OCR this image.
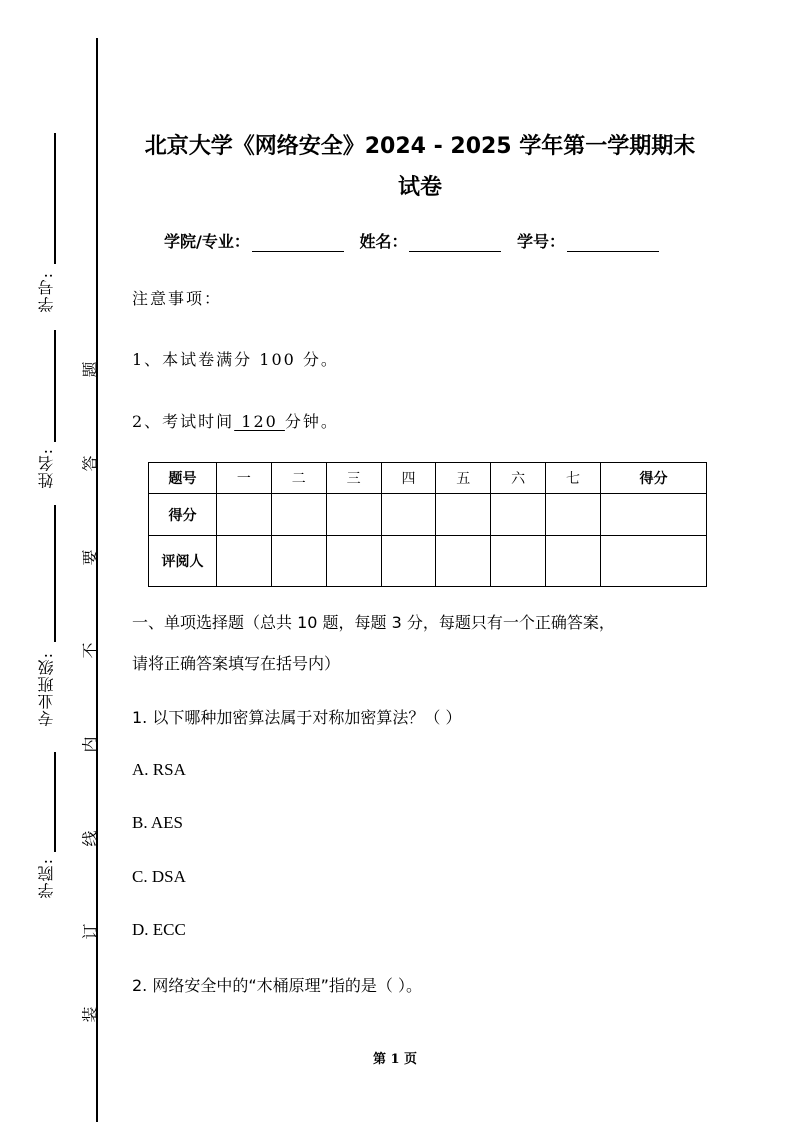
学号:
姓名:
专业班级:
学院:
题
答
要
不
内
线
订
装
北京大学《网络安全》2024 - 2025 学年第一学期期末
试卷
学院/专业：	姓名：	学号：
注意事项：
1、本试卷满分 100 分。
2、考试时间 120 分钟。
题号	一	二	三	四	五	六	七	得分
得分								
评阅人								
一、单项选择题（总共 10 题，每题 3 分，每题只有一个正确答案，
请将正确答案填写在括号内）
1. 以下哪种加密算法属于对称加密算法？（ ）
A. RSA
B. AES
C. DSA
D. ECC
2. 网络安全中的“木桶原理”指的是（ ）。
第 1 页
